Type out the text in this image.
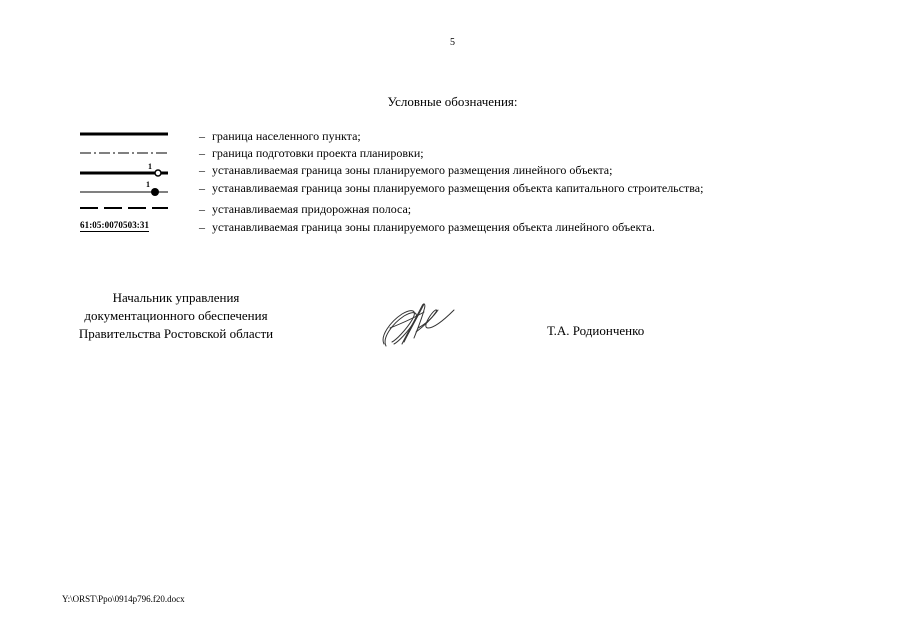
5
Условные обозначения:
– граница населенного пункта;
– граница подготовки проекта планировки;
1	– устанавливаемая граница зоны планируемого размещения линейного объекта;
1	– устанавливаемая граница зоны планируемого размещения объекта капитального строительства;
– устанавливаемая придорожная полоса;
61:05:0070503:31	– устанавливаемая граница зоны планируемого размещения объекта линейного объекта.
Начальник управления
документационного обеспечения
Правительства Ростовской области	Т.А. Родионченко
Y:\ORST\Ppo\0914p796.f20.docx
